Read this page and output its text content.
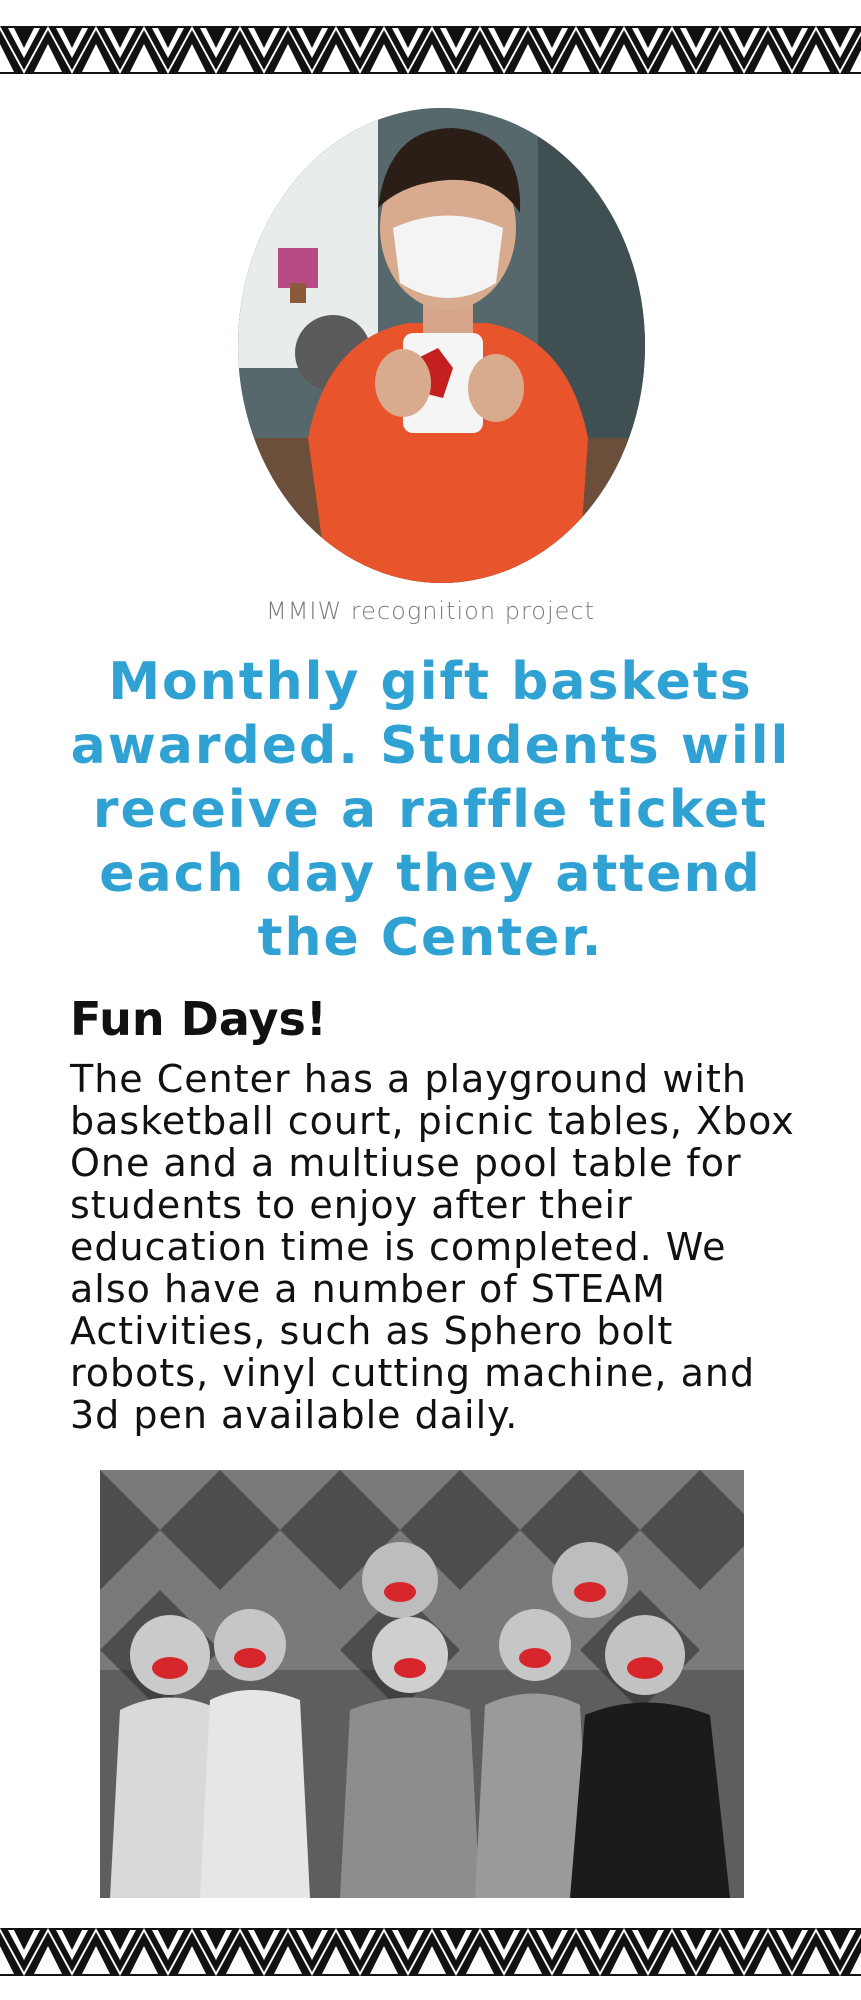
MMIW recognition project
Monthly gift baskets awarded. Students will receive a raffle ticket each day they attend the Center.
Fun Days!
The Center has a playground with basketball court, picnic tables, Xbox One and a multiuse pool table for students to enjoy after their education time is completed. We also have a number of STEAM Activities, such as Sphero bolt robots, vinyl cutting machine, and 3d pen available daily.
